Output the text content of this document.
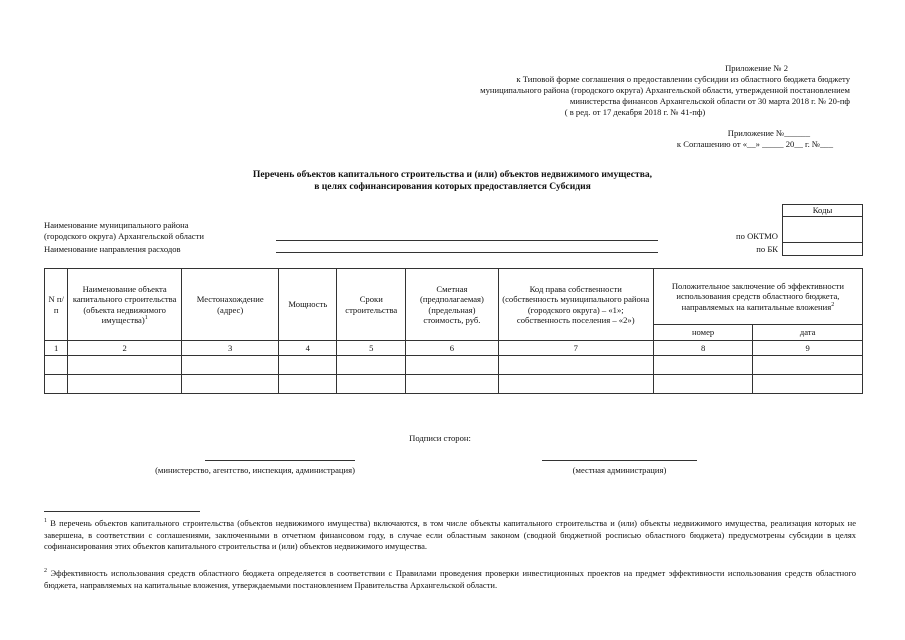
Приложение № 2
к Типовой форме соглашения о предоставлении субсидии из областного бюджета бюджету
муниципального района (городского округа) Архангельской области, утвержденной постановлением
министерства финансов Архангельской области от 30 марта 2018 г. № 20-пф
( в ред. от 17 декабря 2018 г. № 41-пф)
Приложение №______
к Соглашению от «__» _____ 20__ г. №___
Перечень объектов капитального строительства и (или) объектов недвижимого имущества,
в целях софинансирования которых предоставляется Субсидия
Наименование муниципального района
(городского округа) Архангельской области
Наименование направления расходов
по ОКТМО
по БК
Коды

N п/п	Наименование объекта капитального строительства (объекта недвижимого имущества)$^1$	Местонахождение (адрес)	Мощность	Сроки строительства	Сметная (предполагаемая) (предельная) стоимость, руб.	Код права собственности (собственность муниципального района (городского округа) – «1»; собственность поселения – «2»)	Положительное заключение об эффективности использования средств областного бюджета, направляемых на капитальные вложения$^2$
							номер	дата
1	2	3	4	5	6	7	8	9

Подписи сторон:
(министерство, агентство, инспекция, администрация)	(местная администрация)
$^1$ В перечень объектов капитального строительства (объектов недвижимого имущества) включаются, в том числе объекты капитального строительства и (или) объекты недвижимого имущества, реализация которых не завершена, в соответствии с соглашениями, заключенными в отчетном финансовом году, в случае если областным законом (сводной бюджетной росписью областного бюджета) предусмотрены субсидии в целях софинансирования этих объектов капитального строительства и (или) объектов недвижимого имущества.
$^2$ Эффективность использования средств областного бюджета определяется в соответствии с Правилами проведения проверки инвестиционных проектов на предмет эффективности использования средств областного бюджета, направляемых на капитальные вложения, утверждаемыми постановлением Правительства Архангельской области.
